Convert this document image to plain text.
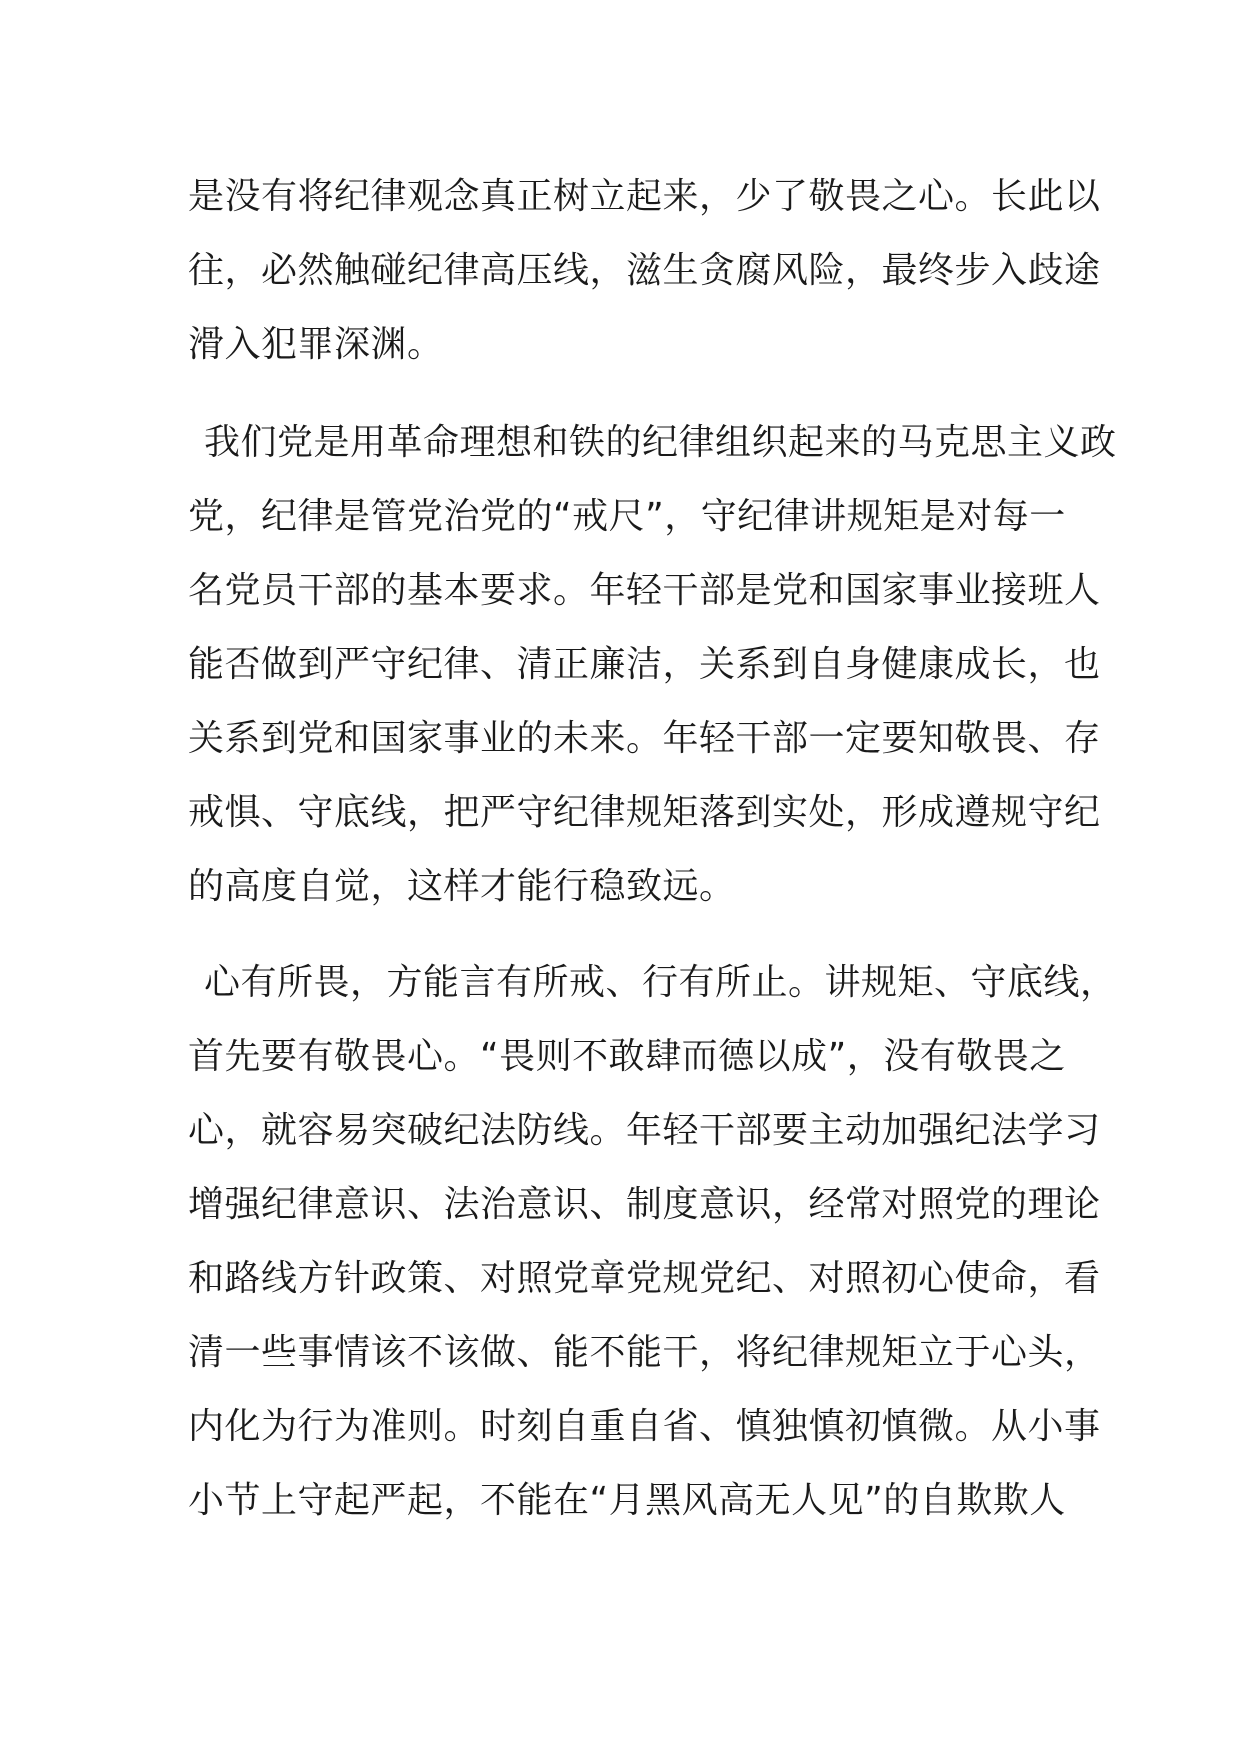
是没有将纪律观念真正树立起来，少了敬畏之心。长此以
往，必然触碰纪律高压线，滋生贪腐风险，最终步入歧途
滑入犯罪深渊。
我们党是用革命理想和铁的纪律组织起来的马克思主义政
党，纪律是管党治党的“戒尺”，守纪律讲规矩是对每一
名党员干部的基本要求。年轻干部是党和国家事业接班人
能否做到严守纪律、清正廉洁，关系到自身健康成长，也
关系到党和国家事业的未来。年轻干部一定要知敬畏、存
戒惧、守底线，把严守纪律规矩落到实处，形成遵规守纪
的高度自觉，这样才能行稳致远。
心有所畏，方能言有所戒、行有所止。讲规矩、守底线，
首先要有敬畏心。“畏则不敢肆而德以成”，没有敬畏之
心，就容易突破纪法防线。年轻干部要主动加强纪法学习
增强纪律意识、法治意识、制度意识，经常对照党的理论
和路线方针政策、对照党章党规党纪、对照初心使命，看
清一些事情该不该做、能不能干，将纪律规矩立于心头，
内化为行为准则。时刻自重自省、慎独慎初慎微。从小事
小节上守起严起，不能在“月黑风高无人见”的自欺欺人
